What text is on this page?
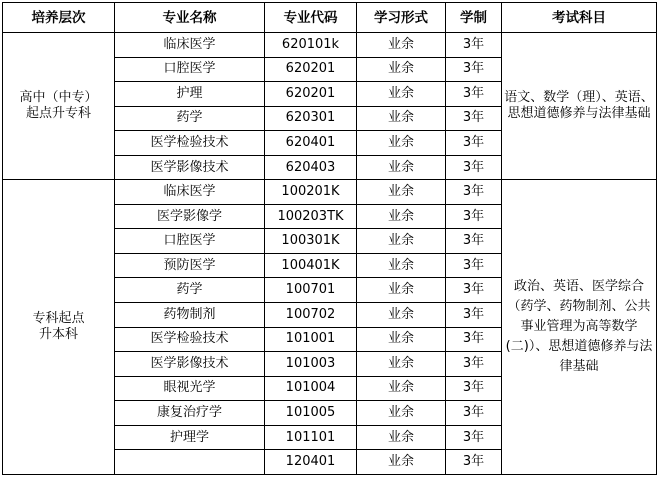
培养层次	专业名称	专业代码	学习形式	学制	考试科目

高中（中专）
起点升专科	临床医学	620101k	业余	3年	语文、数学（理）、英语、思想道德修养与法律基础
	口腔医学	620201	业余	3年	
	护理	620201	业余	3年	
	药学	620301	业余	3年	
	医学检验技术	620401	业余	3年	
	医学影像技术	620403	业余	3年	

专科起点
升本科	临床医学	100201K	业余	3年	政治、英语、医学综合（药学、药物制剂、公共事业管理为高等数学(二)）、思想道德修养与法律基础
	医学影像学	100203TK	业余	3年	
	口腔医学	100301K	业余	3年	
	预防医学	100401K	业余	3年	
	药学	100701	业余	3年	
	药物制剂	100702	业余	3年	
	医学检验技术	101001	业余	3年	
	医学影像技术	101003	业余	3年	
	眼视光学	101004	业余	3年	
	康复治疗学	101005	业余	3年	
	护理学	101101	业余	3年	
		120401	业余	3年	
